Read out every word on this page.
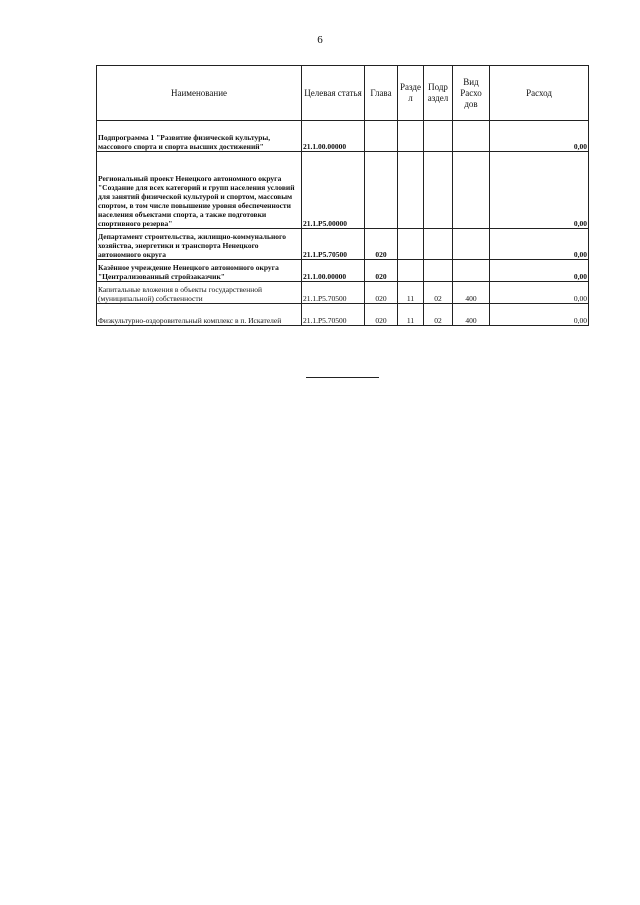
6
Наименование	Целевая статья	Глава	Разде л	Подр аздел	Вид Расхо дов	Расход
Подпрограмма 1 "Развитие физической культуры, массового спорта и спорта высших достижений"	21.1.00.00000					0,00
Региональный проект Ненецкого автономного округа "Создание для всех категорий и групп населения условий для занятий физической культурой и спортом, массовым спортом, в том числе повышение уровня обеспеченности населения объектами спорта, а также подготовки спортивного резерва"	21.1.P5.00000					0,00
Департамент строительства, жилищно-коммунального хозяйства, энергетики и транспорта Ненецкого автономного округа	21.1.P5.70500	020				0,00
Казённое учреждение Ненецкого автономного округа "Централизованный стройзаказчик"	21.1.00.00000	020				0,00
Капитальные вложения в объекты государственной (муниципальной) собственности	21.1.P5.70500	020	11	02	400	0,00
Физкультурно-оздоровительный комплекс в п. Искателей	21.1.P5.70500	020	11	02	400	0,00
